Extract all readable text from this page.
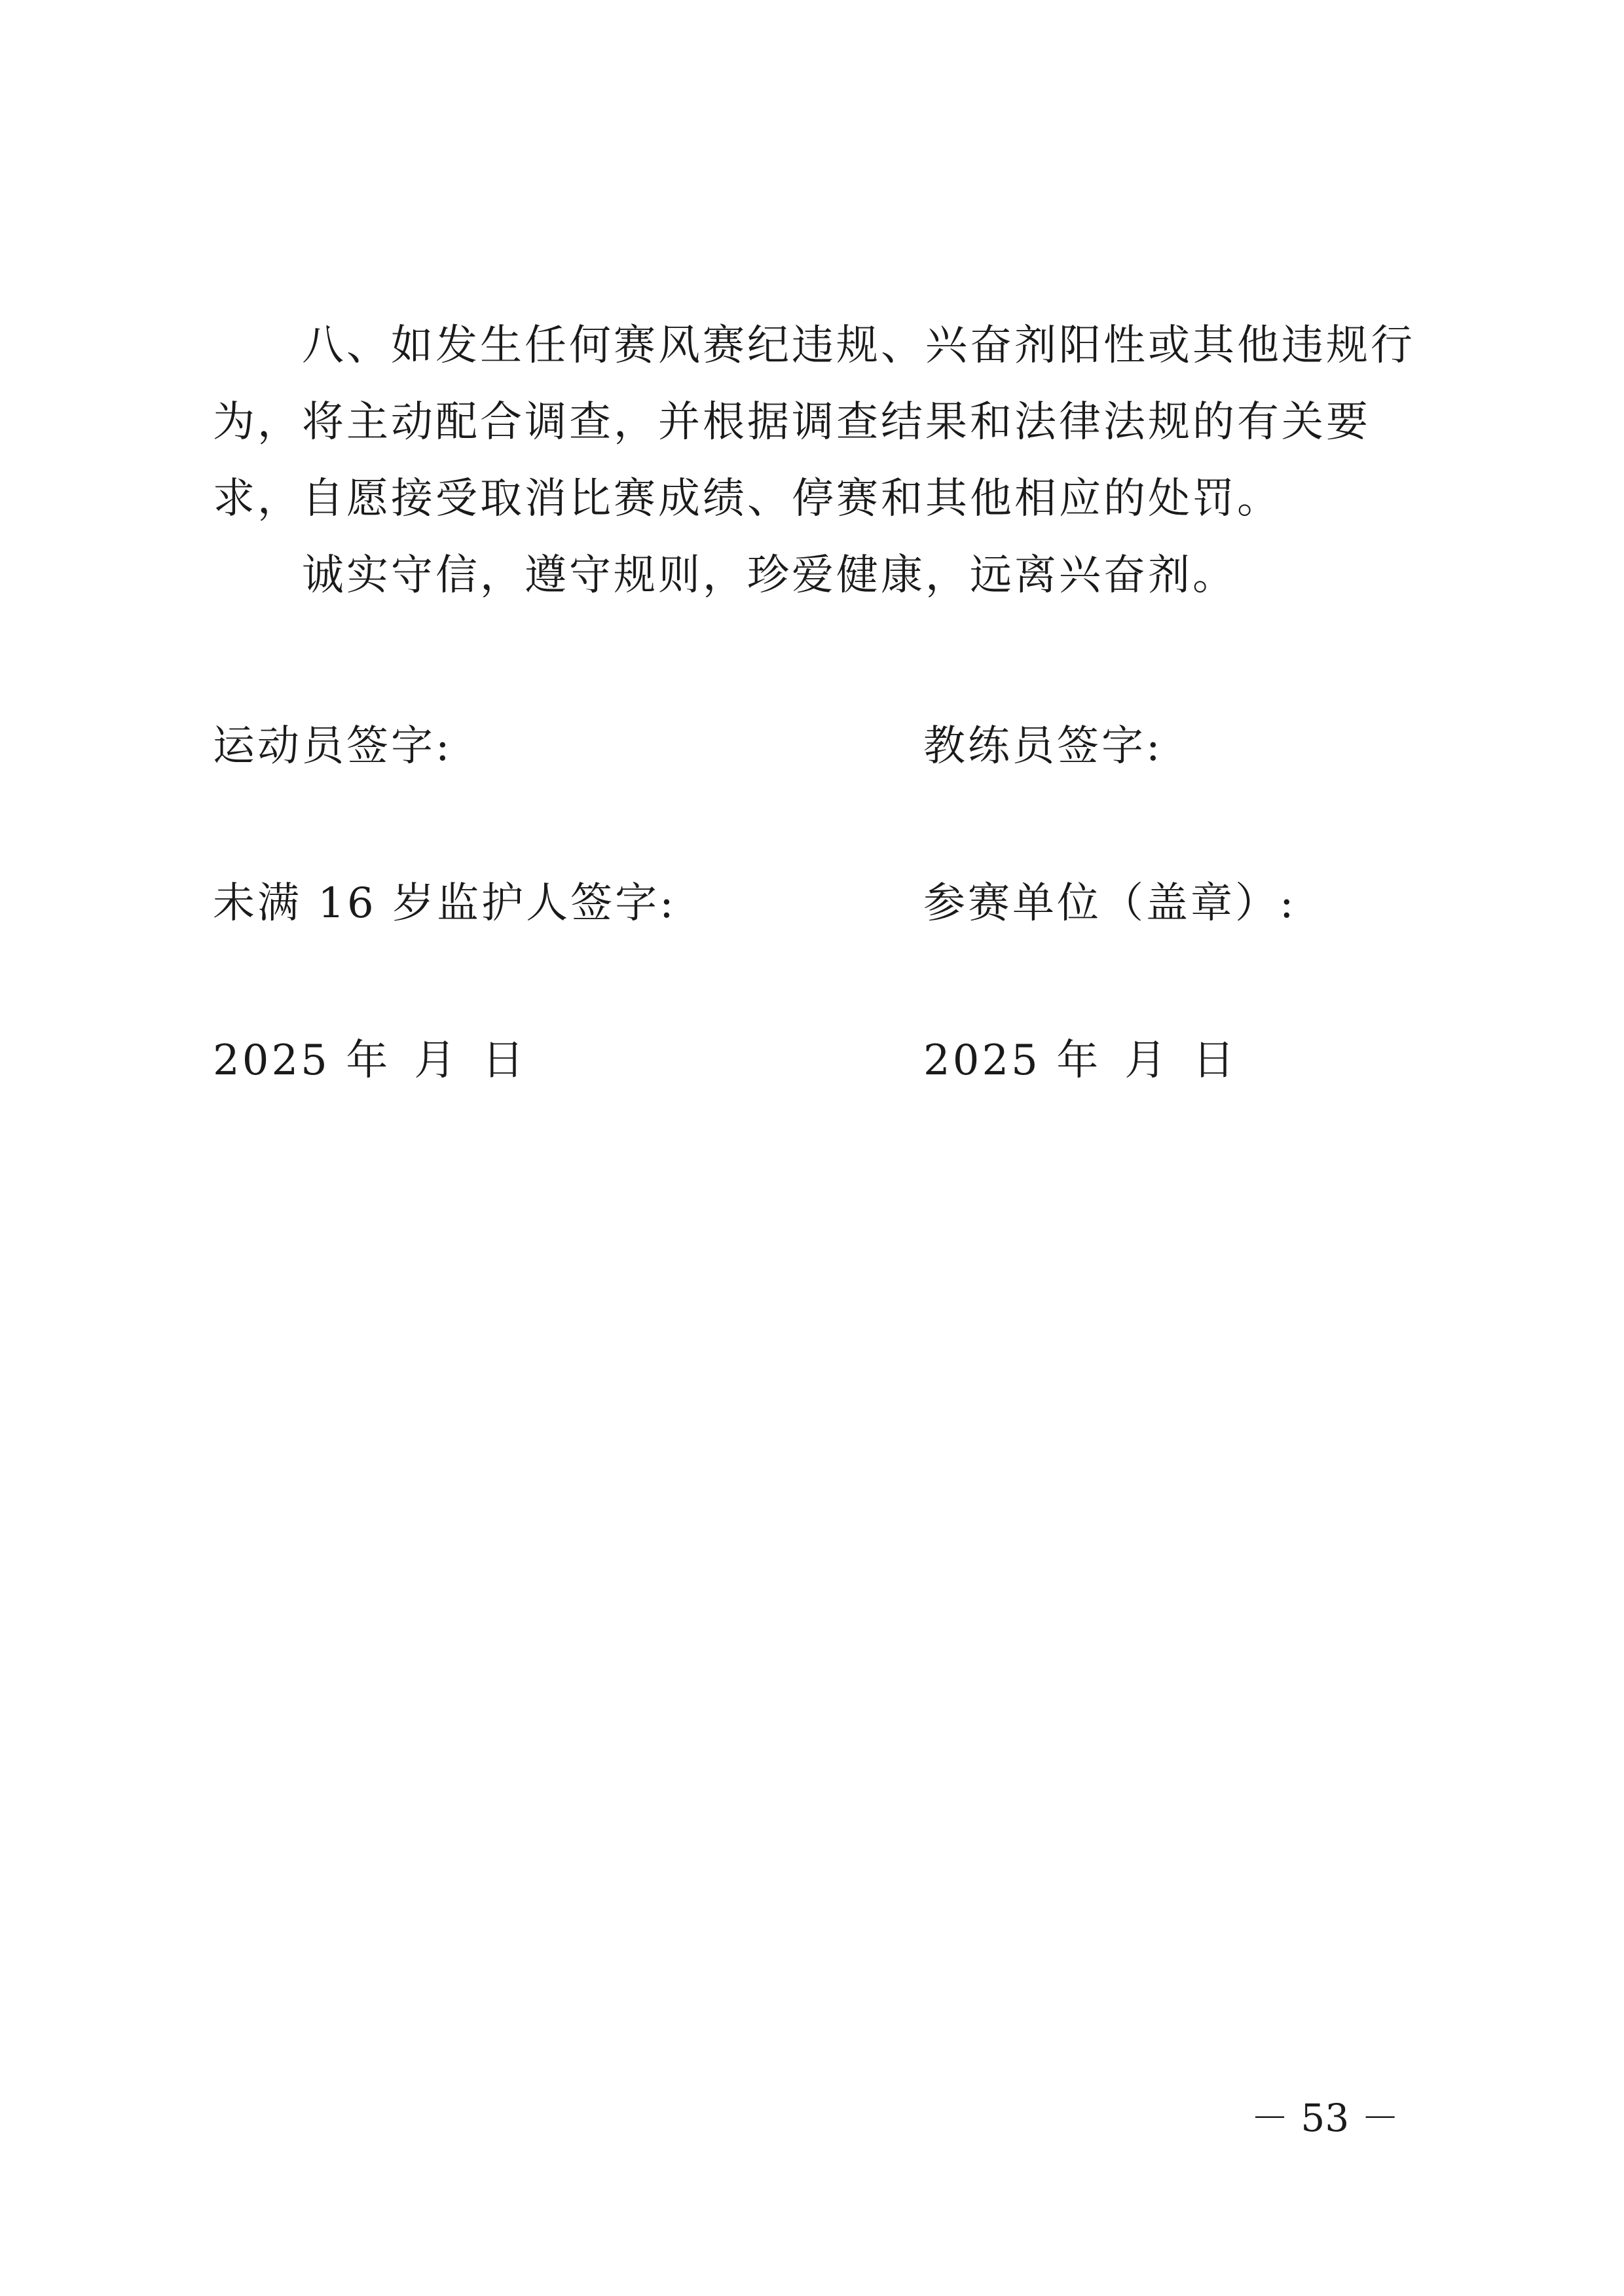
八、如发生任何赛风赛纪违规、兴奋剂阳性或其他违规行为，将主动配合调查，并根据调查结果和法律法规的有关要求，自愿接受取消比赛成绩、停赛和其他相应的处罚。

诚实守信，遵守规则，珍爱健康，远离兴奋剂。

运动员签字:	教练员签字:
未满 16 岁监护人签字:	参赛单位（盖章）:
2025 年 月 日	2025 年 月 日
－ 53 －
